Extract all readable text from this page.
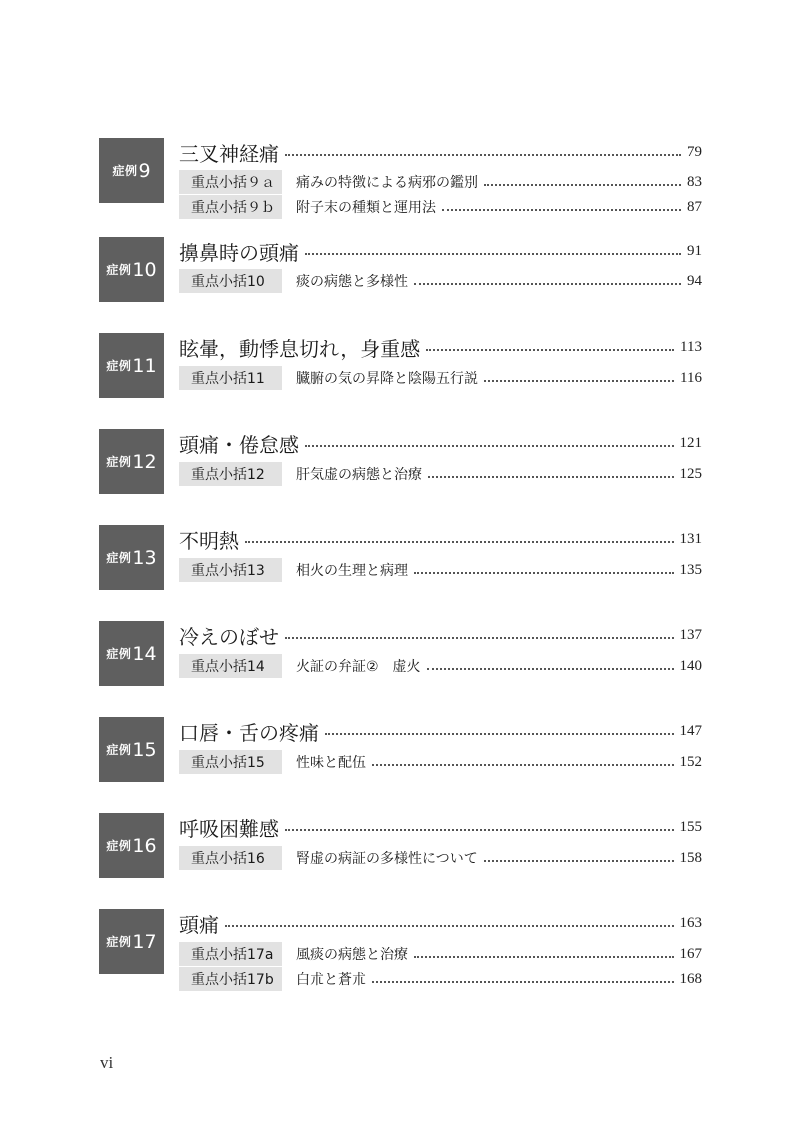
症例 9
三叉神経痛	79
重点小括９ａ	痛みの特徴による病邪の鑑別	83
重点小括９ｂ	附子末の種類と運用法	87
症例 10
擤鼻時の頭痛	91
重点小括10	痰の病態と多様性	94
症例 11
眩暈，動悸息切れ，身重感	113
重点小括11	臓腑の気の昇降と陰陽五行説	116
症例 12
頭痛・倦怠感	121
重点小括12	肝気虚の病態と治療	125
症例 13
不明熱	131
重点小括13	相火の生理と病理	135
症例 14
冷えのぼせ	137
重点小括14	火証の弁証②　虚火	140
症例 15
口唇・舌の疼痛	147
重点小括15	性味と配伍	152
症例 16
呼吸困難感	155
重点小括16	腎虚の病証の多様性について	158
症例 17
頭痛	163
重点小括17a	風痰の病態と治療	167
重点小括17b	白朮と蒼朮	168
vi
